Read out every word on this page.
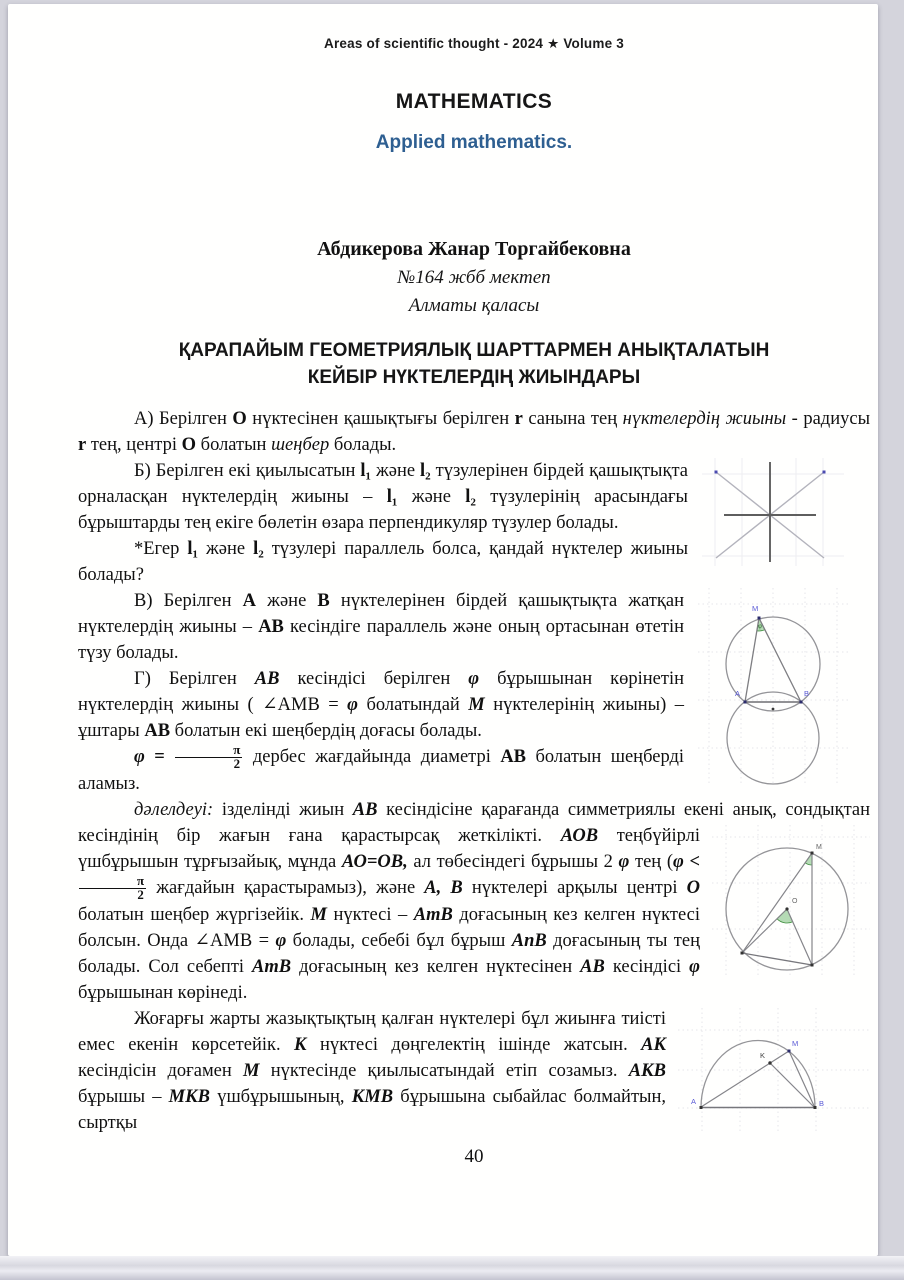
Areas of scientific thought - 2024 ★ Volume 3
MATHEMATICS
Applied mathematics.
Абдикерова Жанар Торгайбековна
№164 жбб мектеп
Алматы қаласы
ҚАРАПАЙЫМ ГЕОМЕТРИЯЛЫҚ ШАРТТАРМЕН АНЫҚТАЛАТЫН
КЕЙБІР НҮКТЕЛЕРДІҢ ЖИЫНДАРЫ

А) Берілген О нүктесінен қашықтығы берілген r санына тең нүктелердің жиыны - радиусы r тең, центрі О болатын шеңбер болады.

Б) Берілген екі қиылысатын l₁ және l₂ түзулерінен бірдей қашықтықта орналасқан нүктелердің жиыны – l₁ және l₂ түзулерінің арасындағы бұрыштарды тең екіге бөлетін өзара перпендикуляр түзулер болады.

*Егер l₁ және l₂ түзулері параллель болса, қандай нүктелер жиыны болады?

M
A	B
φ
В) Берілген А және В нүктелерінен бірдей қашықтықта жатқан нүктелердің жиыны – АВ кесіндіге параллель және оның ортасынан өтетін түзу болады.

Г) Берілген АВ кесіндісі берілген φ бұрышынан көрінетін нүктелердің жиыны ( ∠АМВ = φ болатындай М нүктелерінің жиыны) – ұштары АВ болатын екі шеңбердің доғасы болады.

$\varphi = \frac{\pi}{2}$ дербес жағдайында диаметрі АВ болатын шеңберді аламыз.

дәлелдеуі: ізделінді жиын АВ кесіндісіне қарағанда симметриялы екені анық, сондықтан кесіндінің бір жағын ғана қарастырсақ
O
M
жеткілікті. АОВ теңбүйірлі үшбұрышын тұрғызайық, мұнда АО=ОВ, ал төбесіндегі бұрышы 2 φ тең (φ <
$\frac{\pi}{2}$ жағдайын қарастырамыз), және А, В нүктелері арқылы центрі О болатын шеңбер жүргізейік. М нүктесі – АmВ доғасының кез келген нүктесі болсын. Онда ∠АМВ = φ болады, себебі бұл бұрыш АnВ доғасының ты тең болады. Сол себепті АmВ доғасының кез келген нүктесінен АВ кесіндісі φ бұрышынан көрінеді.

A	B
M
K
Жоғарғы жарты жазықтықтың қалған нүктелері бұл жиынға тиісті емес екенін көрсетейік. К нүктесі дөңгелектің ішінде жатсын. АК кесіндісін доғамен М нүктесінде қиылысатындай етіп созамыз. АКВ бұрышы – МКВ үшбұрышының, КМВ бұрышына сыбайлас болмайтын, сыртқы

40
